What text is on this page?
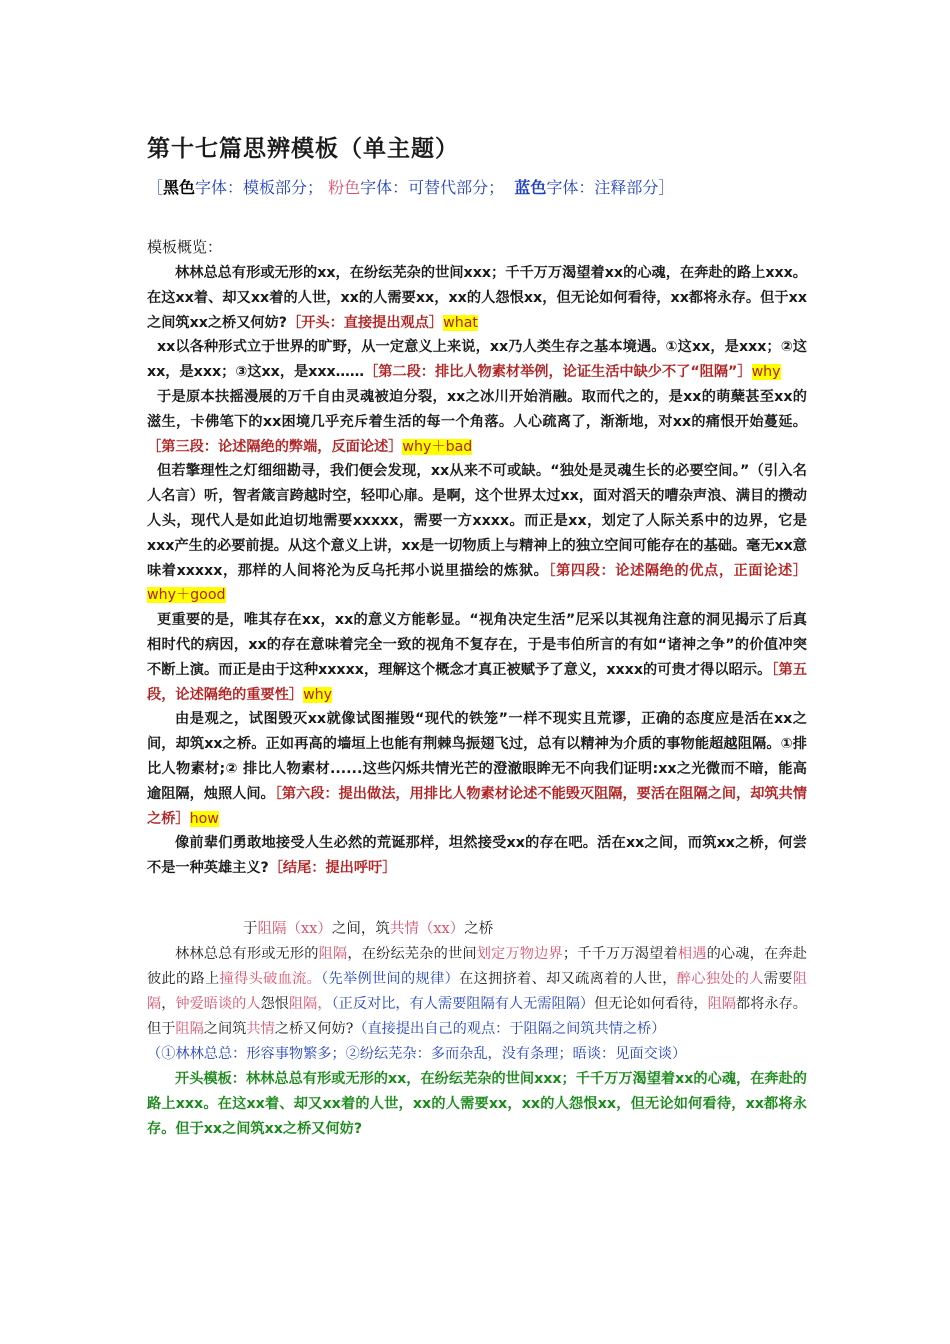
第十七篇思辨模板（单主题）
［黑色字体：模板部分； 粉色字体：可替代部分； 蓝色字体：注释部分］
模板概览：

林林总总有形或无形的xx，在纷纭芜杂的世间xxx；千千万万渴望着xx的心魂，在奔赴的路上xxx。在这xx着、却又xx着的人世，xx的人需要xx，xx的人怨恨xx，但无论如何看待，xx都将永存。但于xx之间筑xx之桥又何妨?［开头：直接提出观点］what

xx以各种形式立于世界的旷野，从一定意义上来说，xx乃人类生存之基本境遇。①这xx，是xxx；②这xx，是xxx；③这xx，是xxx……［第二段：排比人物素材举例，论证生活中缺少不了“阻隔”］why

于是原本扶摇漫展的万千自由灵魂被迫分裂，xx之冰川开始消融。取而代之的，是xx的萌蘖甚至xx的滋生，卡佛笔下的xx困境几乎充斥着生活的每一个角落。人心疏离了，渐渐地，对xx的痛恨开始蔓延。［第三段：论述隔绝的弊端，反面论述］why＋bad

但若擎理性之灯细细勘寻，我们便会发现，xx从来不可或缺。“独处是灵魂生长的必要空间。”（引入名人名言）听，智者箴言跨越时空，轻叩心扉。是啊，这个世界太过xx，面对滔天的嘈杂声浪、满目的攒动人头，现代人是如此迫切地需要xxxxx，需要一方xxxx。而正是xx，划定了人际关系中的边界，它是xxx产生的必要前提。从这个意义上讲，xx是一切物质上与精神上的独立空间可能存在的基础。毫无xx意味着xxxxx，那样的人间将沦为反乌托邦小说里描绘的炼狱。［第四段：论述隔绝的优点，正面论述］why＋good

更重要的是，唯其存在xx，xx的意义方能彰显。“视角决定生活”尼采以其视角注意的洞见揭示了后真相时代的病因，xx的存在意味着完全一致的视角不复存在，于是韦伯所言的有如“诸神之争”的价值冲突不断上演。而正是由于这种xxxxx，理解这个概念才真正被赋予了意义，xxxx的可贵才得以昭示。［第五段，论述隔绝的重要性］why

由是观之，试图毁灭xx就像试图摧毁“现代的铁笼”一样不现实且荒谬，正确的态度应是活在xx之间，却筑xx之桥。正如再高的墙垣上也能有荆棘鸟振翅飞过，总有以精神为介质的事物能超越阻隔。①排比人物素材;② 排比人物素材......这些闪烁共情光芒的澄澈眼眸无不向我们证明:xx之光微而不暗，能高逾阻隔，烛照人间。［第六段：提出做法，用排比人物素材论述不能毁灭阻隔，要活在阻隔之间，却筑共情之桥］how

像前辈们勇敢地接受人生必然的荒诞那样，坦然接受xx的存在吧。活在xx之间，而筑xx之桥，何尝不是一种英雄主义?［结尾：提出呼吁］

于阻隔（xx）之间，筑共情（xx）之桥

林林总总有形或无形的阻隔，在纷纭芜杂的世间划定万物边界；千千万万渴望着相遇的心魂，在奔赴彼此的路上撞得头破血流。（先举例世间的规律）在这拥挤着、却又疏离着的人世，醉心独处的人需要阻隔，钟爱晤谈的人怨恨阻隔，（正反对比，有人需要阻隔有人无需阻隔）但无论如何看待，阻隔都将永存。但于阻隔之间筑共情之桥又何妨?（直接提出自己的观点：于阻隔之间筑共情之桥）

（①林林总总：形容事物繁多；②纷纭芜杂：多而杂乱，没有条理；晤谈：见面交谈）

开头模板：林林总总有形或无形的xx，在纷纭芜杂的世间xxx；千千万万渴望着xx的心魂，在奔赴的路上xxx。在这xx着、却又xx着的人世，xx的人需要xx，xx的人怨恨xx，但无论如何看待，xx都将永存。但于xx之间筑xx之桥又何妨?
